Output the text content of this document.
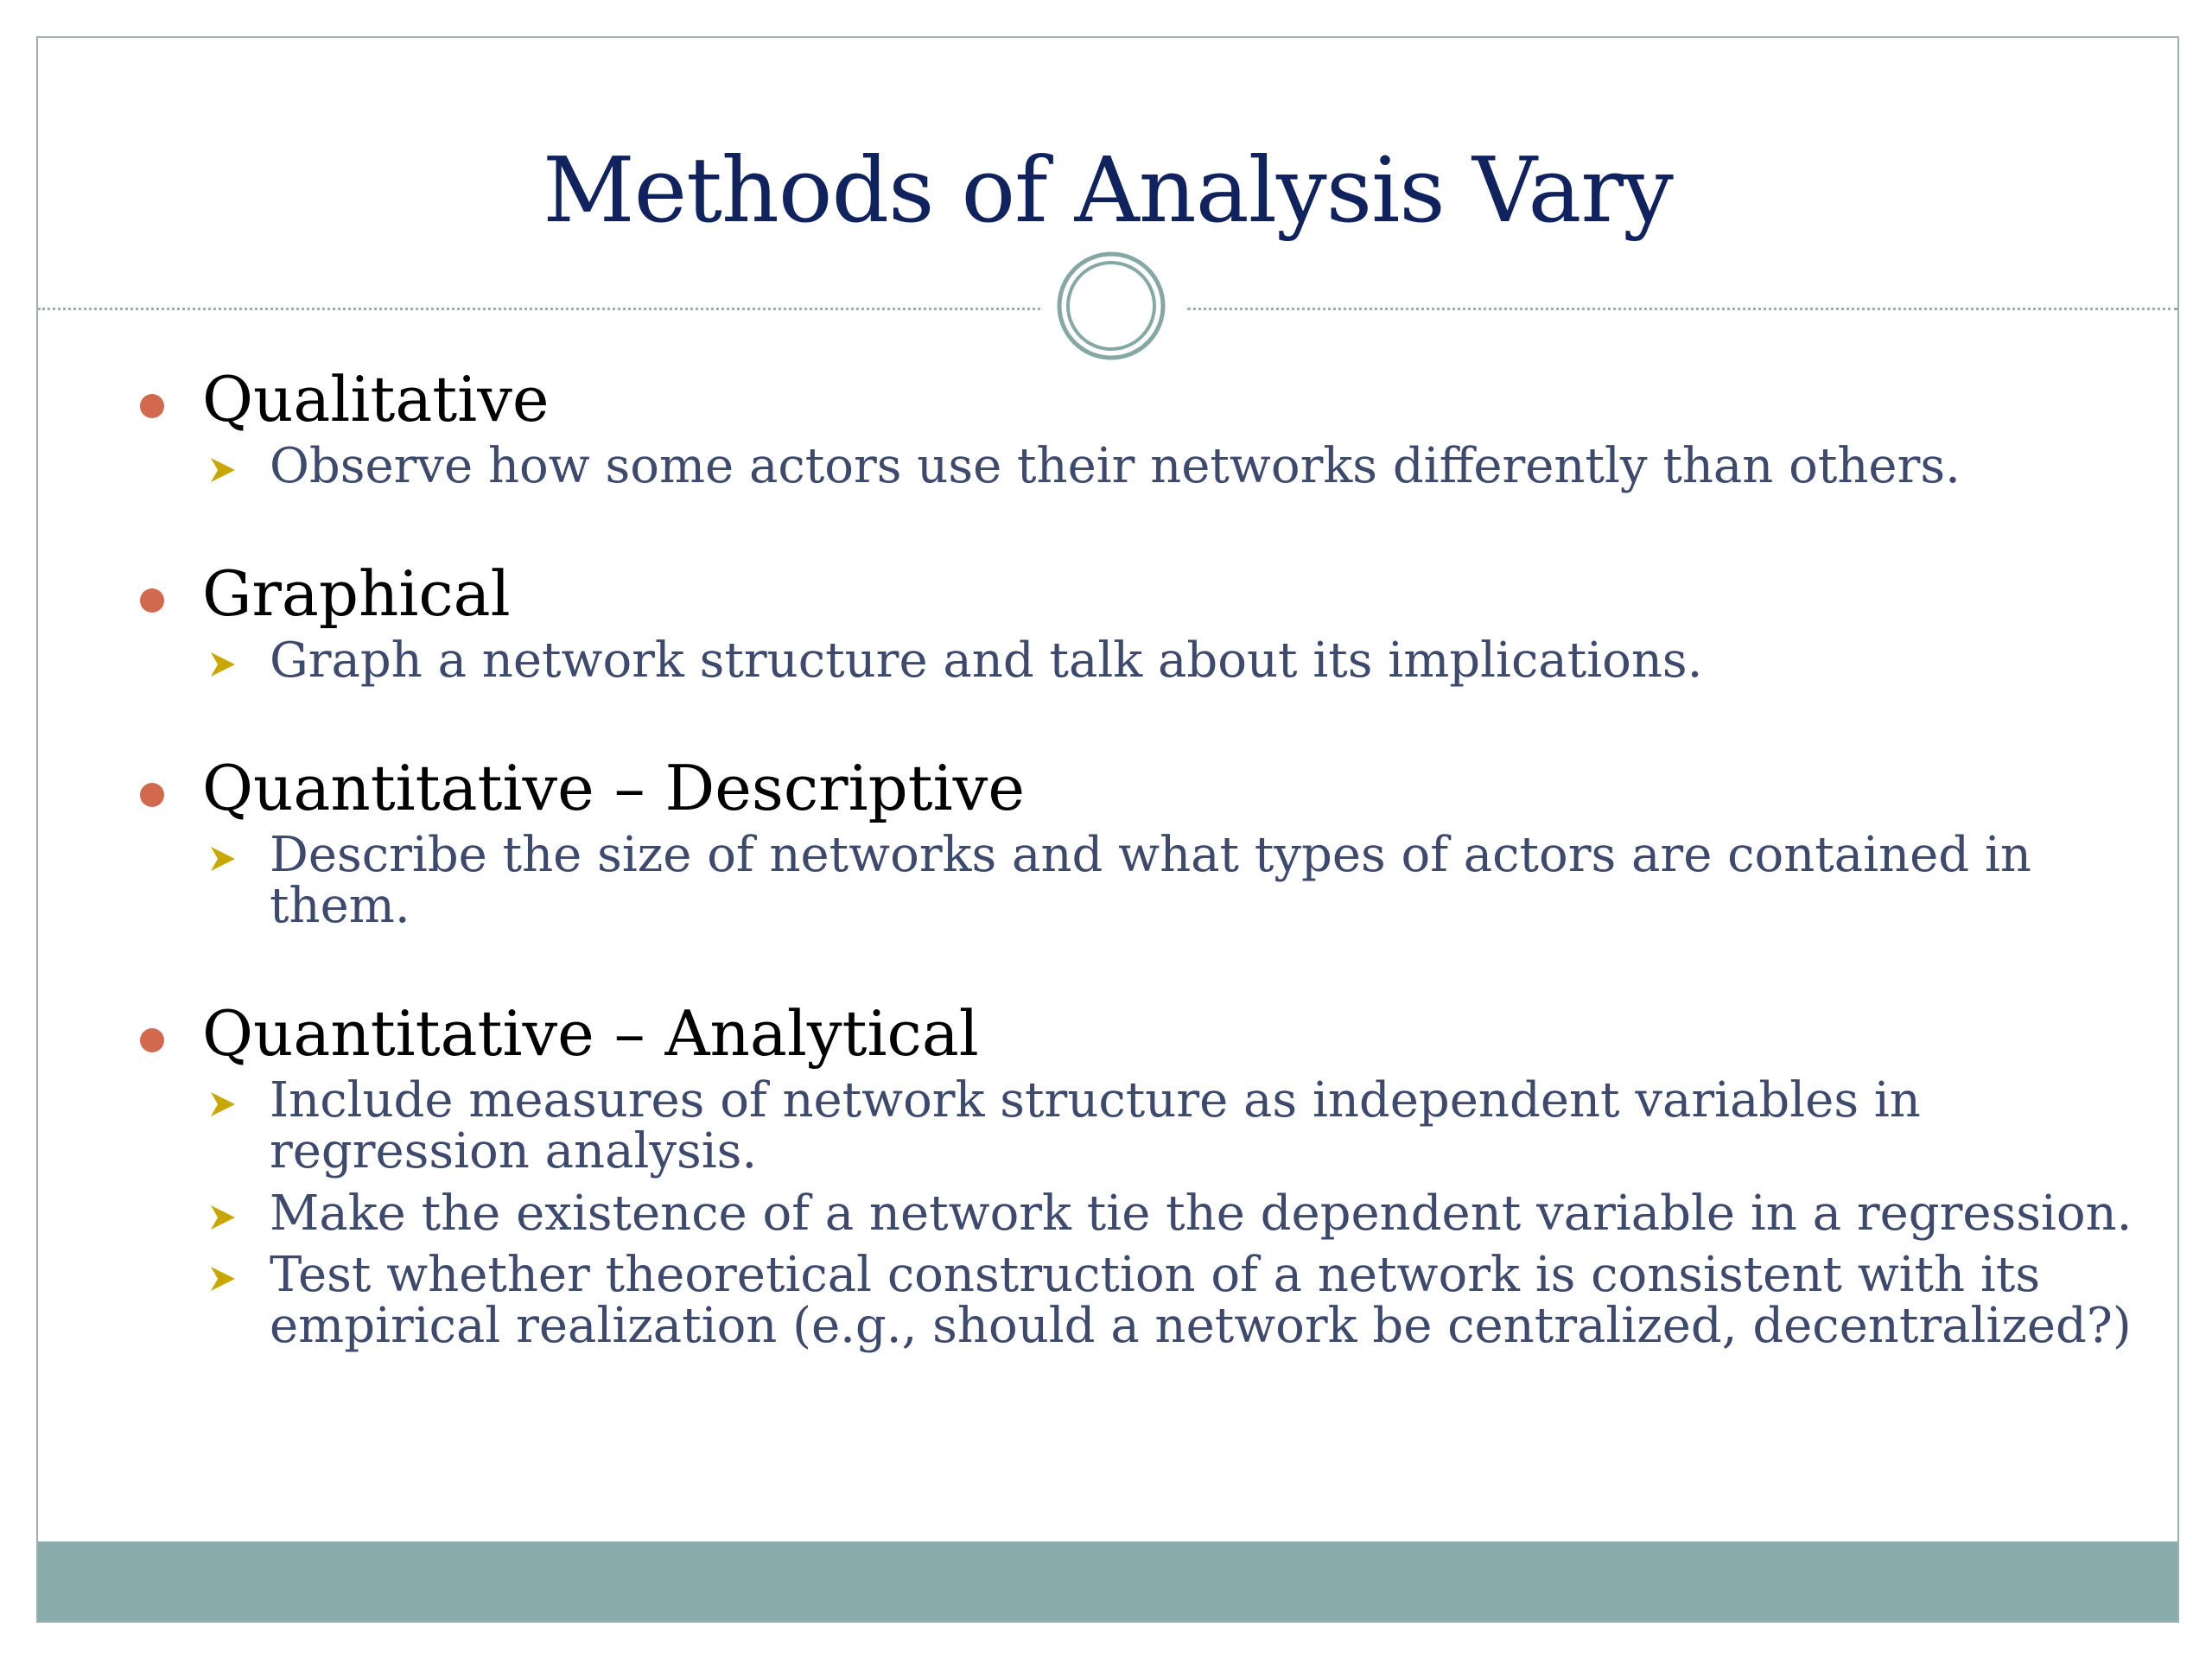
Methods of Analysis Vary
Qualitative
Observe how some actors use their networks differently than others.
Graphical
Graph a network structure and talk about its implications.
Quantitative – Descriptive
Describe the size of networks and what types of actors are contained in them.
Quantitative – Analytical
Include measures of network structure as independent variables in regression analysis.
Make the existence of a network tie the dependent variable in a regression.
Test whether theoretical construction of a network is consistent with its empirical realization (e.g., should a network be centralized, decentralized?)
